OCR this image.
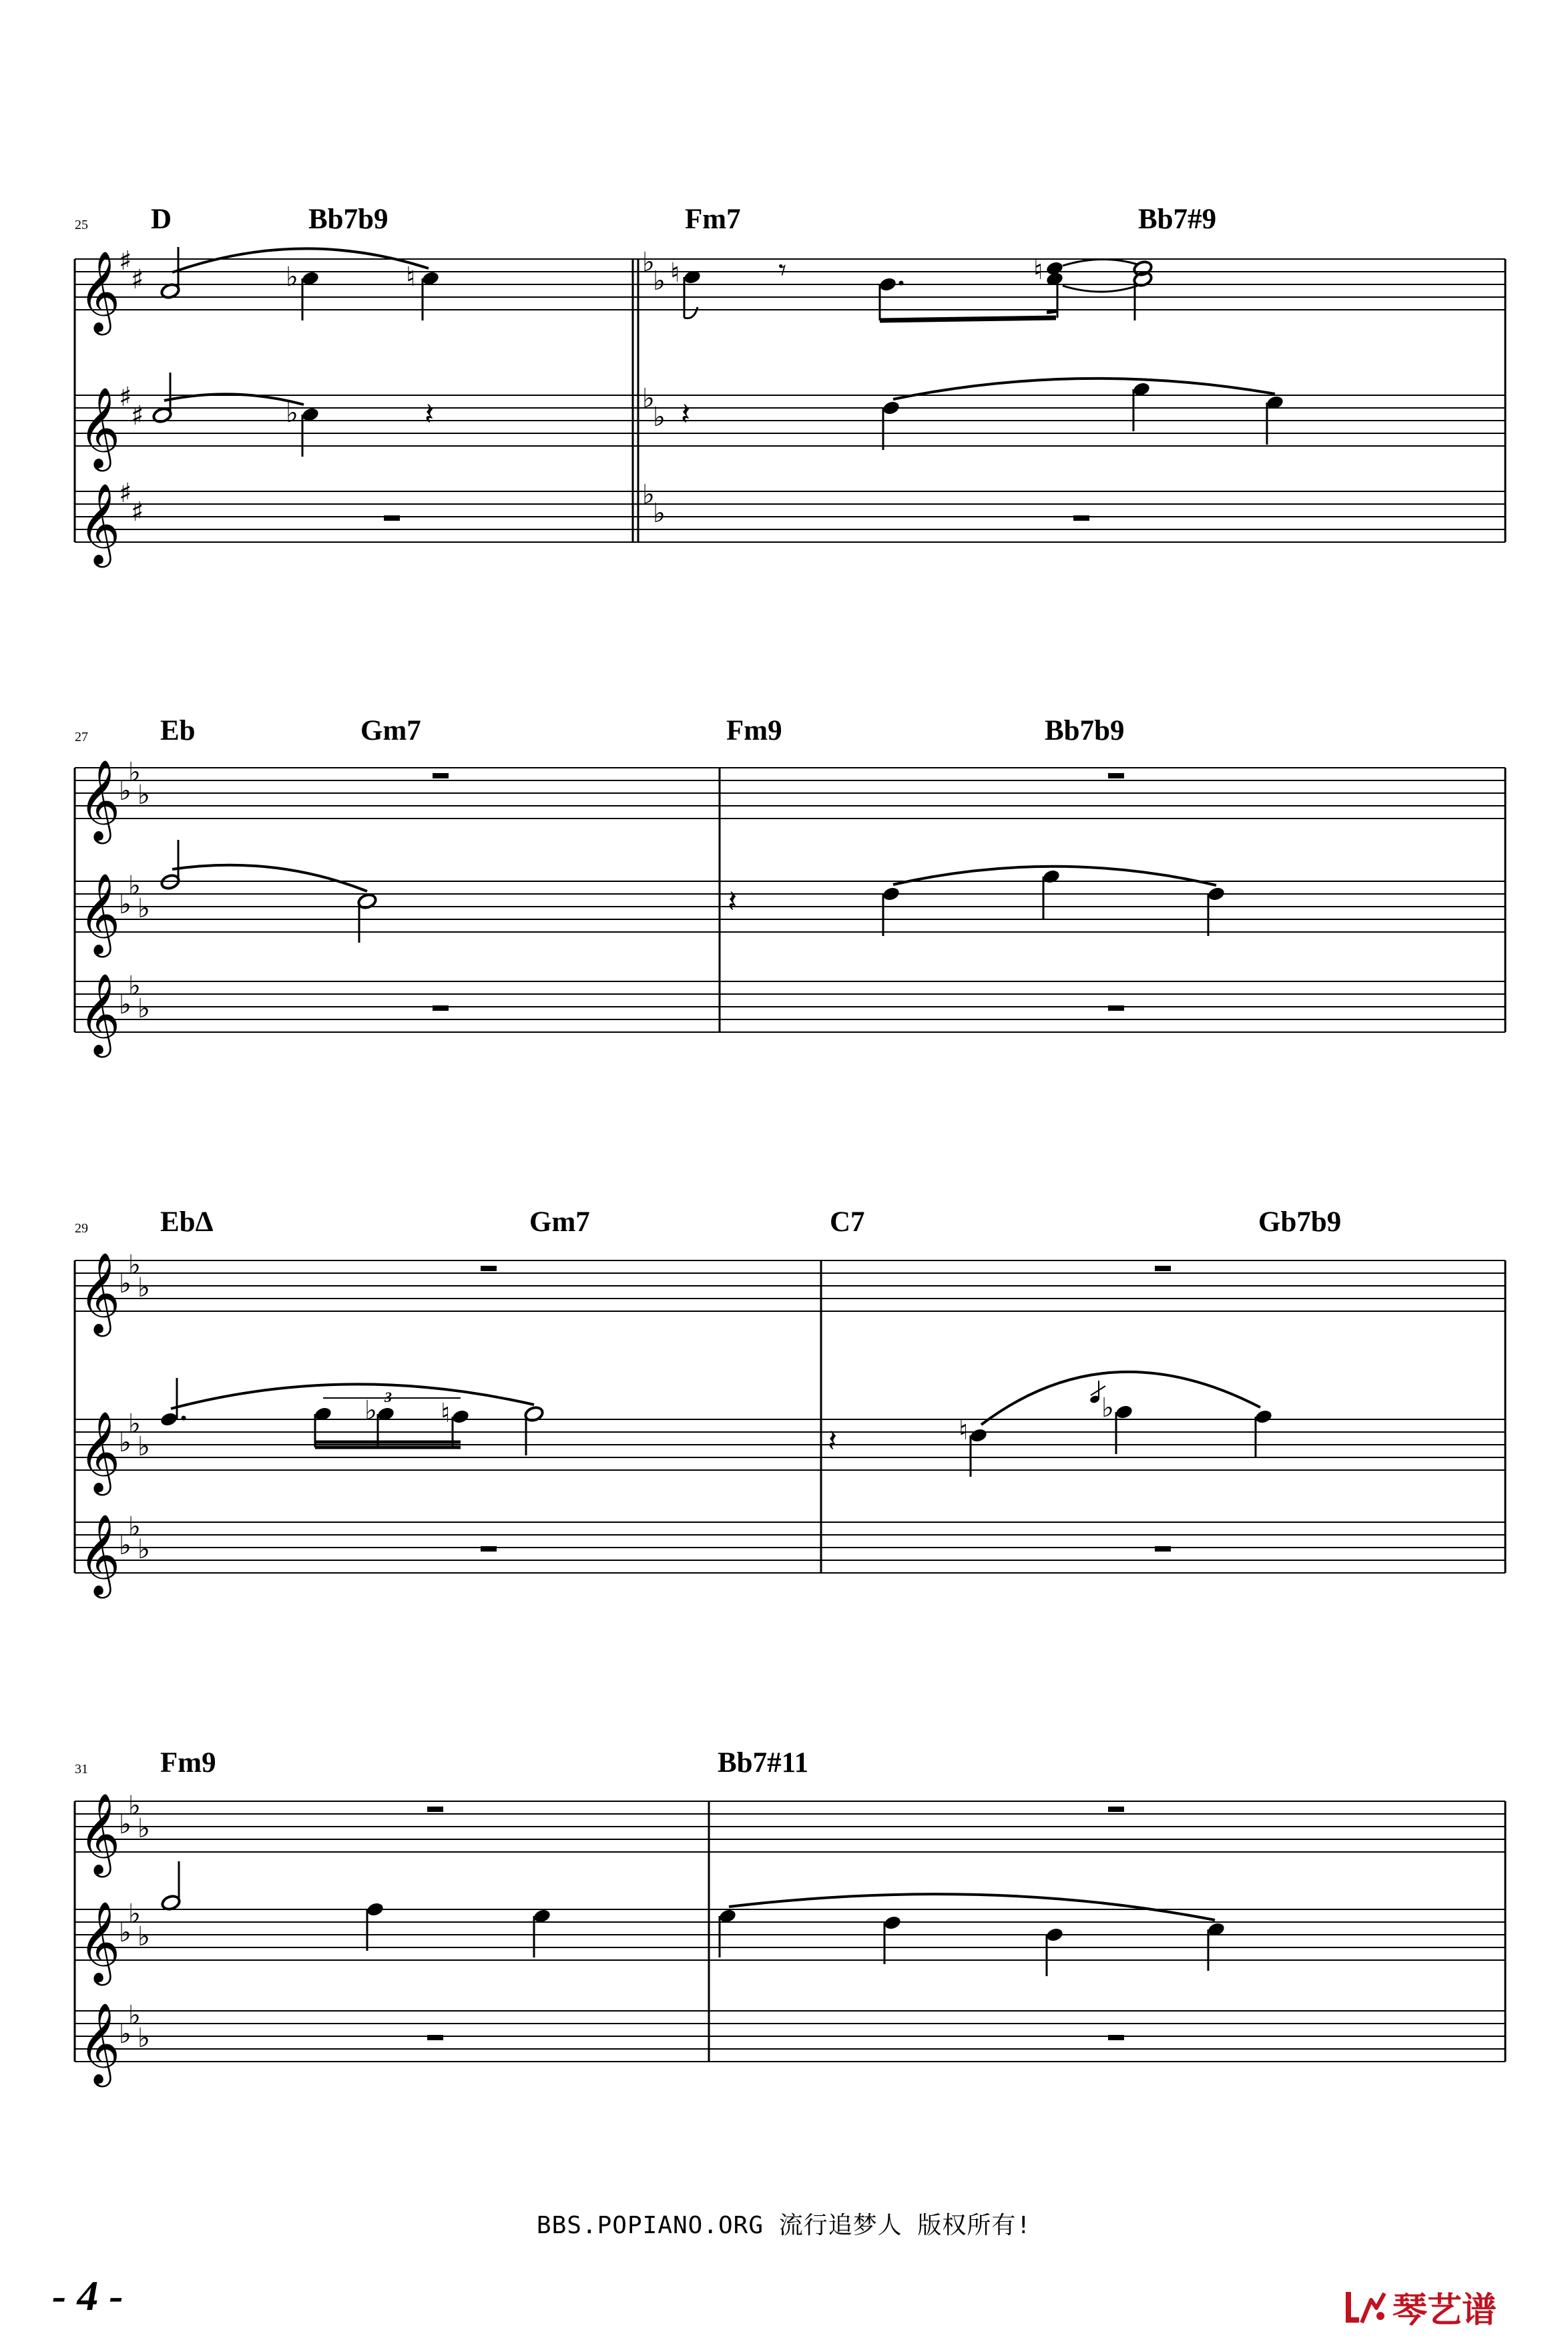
25 D	Bb7b9	Fm7	Bb7#9
𝄞
𝄞
𝄞
♯
♯
♯
♯
♯
♯
♭
♭
♭
♭
♭
♭
♭	♮	♮	𝄾	♮
♭	𝄽	𝄽
27	Eb	Gm7	Fm9	Bb7b9
𝄞
𝄞
𝄞
♭
♭
♭
♭
♭
♭
♭
♭
♭
𝄽
29	EbΔ	Gm7	C7	Gb7b9
𝄞
𝄞
𝄞
♭
♭
♭
♭
♭
♭
♭
♭
♭
♭ ♮
3
𝄽	♮
♭
31	Fm9	Bb7#11
𝄞
𝄞
𝄞
♭
♭
♭
♭
♭
♭
♭
♭
♭
BBS.POPIANO.ORG 流行追梦人 版权所有!
- 4 -	琴艺谱
